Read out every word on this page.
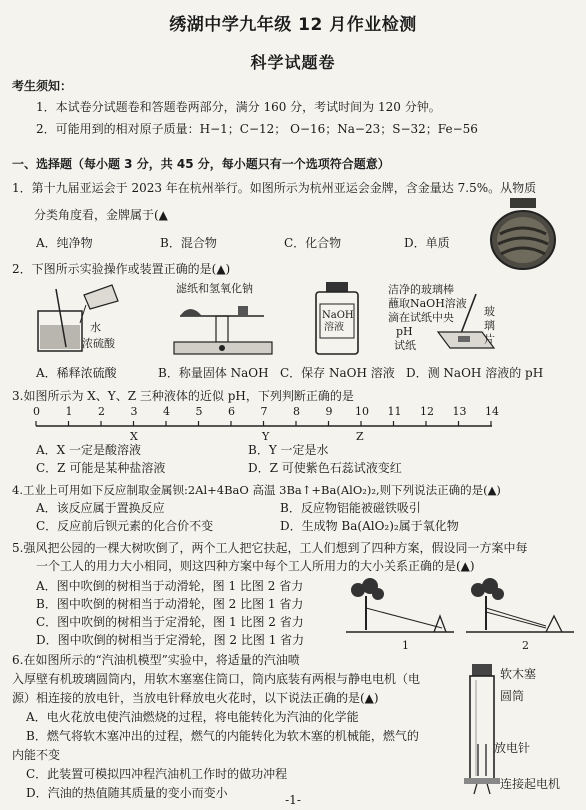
绣湖中学九年级 12 月作业检测
科学试题卷
考生须知：
1．本试卷分试题卷和答题卷两部分，满分 160 分，考试时间为 120 分钟。
2．可能用到的相对原子质量：H−1；C−12； O−16；Na−23；S−32；Fe−56
一、选择题（每小题 3 分，共 45 分，每小题只有一个选项符合题意）
1．第十九届亚运会于 2023 年在杭州举行。如图所示为杭州亚运会金牌，含金量达 7.5%。从物质
分类角度看，金牌属于(▲
A．纯净物	B．混合物	C．化合物	D．单质
2．下图所示实验操作或装置正确的是(▲)
水
浓硫酸
滤纸和氢氧化钠
NaOH
溶液
洁净的玻璃棒
蘸取NaOH溶液
滴在试纸中央
pH
试纸
玻
璃
片
A．稀释浓硫酸	B．称量固体 NaOH C．保存 NaOH 溶液 D．测 NaOH 溶液的 pH
3.如图所示为 X、Y、Z 三种液体的近似 pH，下列判断正确的是
0 1 2 3 4 5 6 7 8 9 10 11 12 13 14
X	Y	Z
A．X 一定是酸溶液	B．Y 一定是水
C．Z 可能是某种盐溶液	D．Z 可使紫色石蕊试液变红
4.工业上可用如下反应制取金属钡:2Al+4BaO 高温 3Ba↑+Ba(AlO₂)₂,则下列说法正确的是(▲)
A．该反应属于置换反应	B．反应物铝能被磁铁吸引
C．反应前后钡元素的化合价不变	D．生成物 Ba(AlO₂)₂属于氧化物
5.强风把公园的一棵大树吹倒了，两个工人把它扶起，工人们想到了四种方案，假设同一方案中每
一个工人的用力大小相同，则这四种方案中每个工人所用力的大小关系正确的是(▲)
A．图中吹倒的树相当于动滑轮，图 1 比图 2 省力
B．图中吹倒的树相当于动滑轮，图 2 比图 1 省力
C．图中吹倒的树相当于定滑轮，图 1 比图 2 省力
D．图中吹倒的树相当于定滑轮，图 2 比图 1 省力	1	2
6.在如图所示的“汽油机模型”实验中，将适量的汽油喷
入厚壁有机玻璃圆筒内，用软木塞塞住筒口，筒内底装有两根与静电电机（电
源）相连接的放电针，当放电针释放电火花时，以下说法正确的是(▲)
A．电火花放电使汽油燃烧的过程，将电能转化为汽油的化学能
B．燃气将软木塞冲出的过程，燃气的内能转化为软木塞的机械能，燃气的
内能不变
C．此装置可模拟四冲程汽油机工作时的做功冲程
D．汽油的热值随其质量的变小而变小
软木塞
圆筒
放电针
连接起电机
-1-
